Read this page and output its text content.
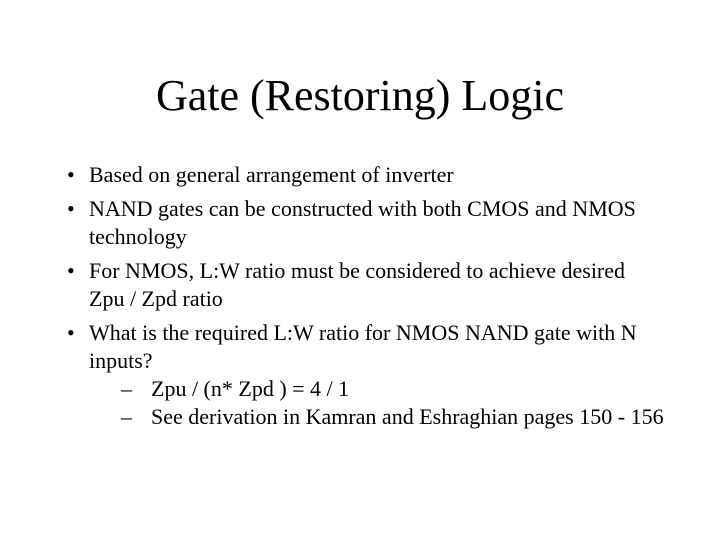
Gate (Restoring) Logic
• Based on general arrangement of inverter
• NAND gates can be constructed with both CMOS and NMOS technology
• For NMOS, L:W ratio must be considered to achieve desired Zpu / Zpd ratio
• What is the required L:W ratio for NMOS NAND gate with N inputs?
– Zpu / (n* Zpd ) = 4 / 1
– See derivation in Kamran and Eshraghian pages 150 - 156
